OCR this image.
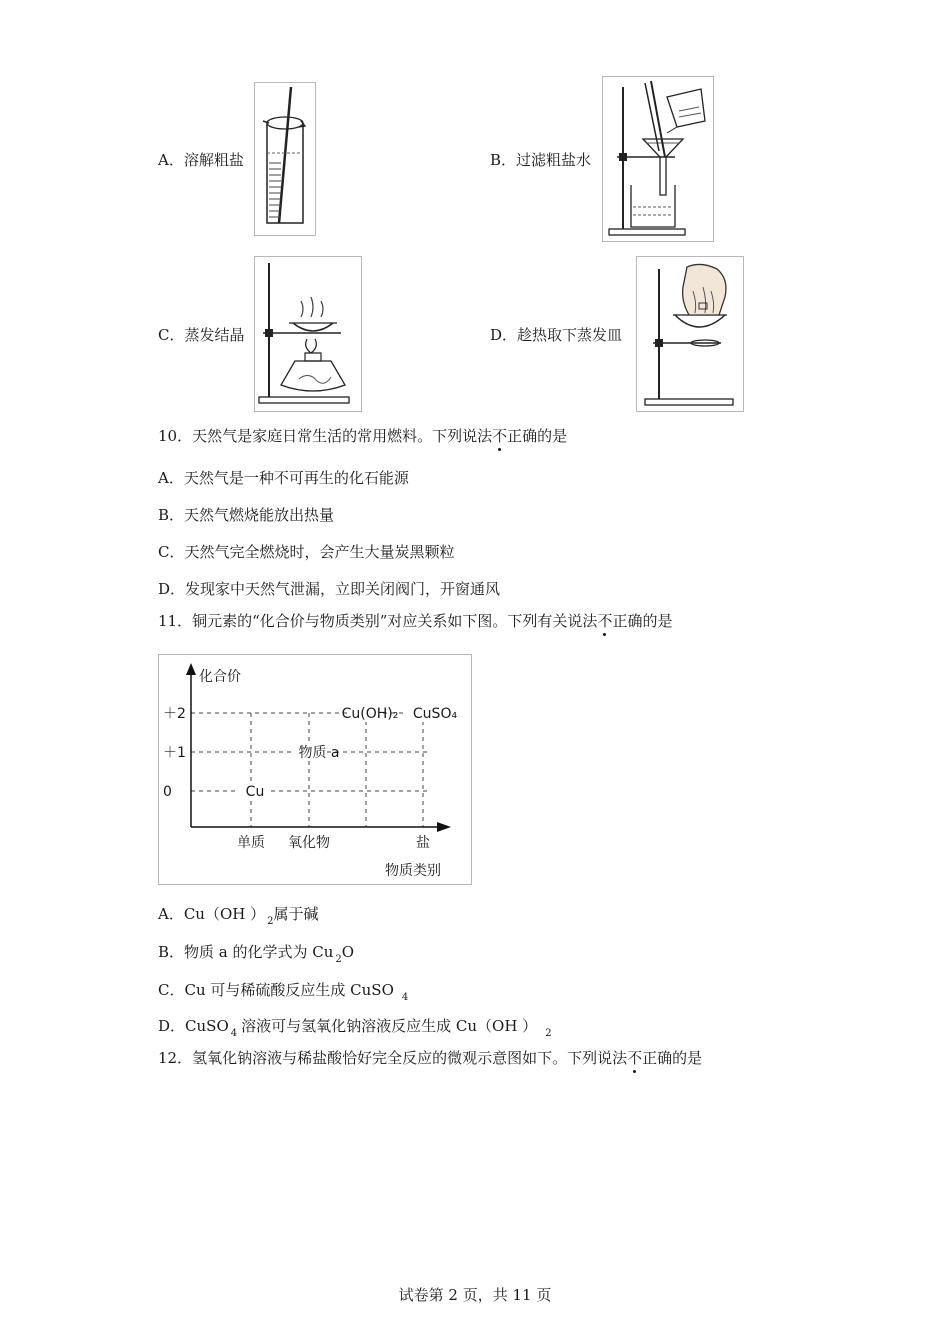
A．溶解粗盐	B．过滤粗盐水
C．蒸发结晶	D．趁热取下蒸发皿
10．天然气是家庭日常生活的常用燃料。下列说法不正确的是
A．天然气是一种不可再生的化石能源
B．天然气燃烧能放出热量
C．天然气完全燃烧时，会产生大量炭黑颗粒
D．发现家中天然气泄漏，立即关闭阀门，开窗通风
11．铜元素的“化合价与物质类别”对应关系如下图。下列有关说法不正确的是
化合价
物质类别
＋2
＋1
0
单质 氧化物	盐
Cu
物质 a
Cu(OH)₂ CuSO₄
A．Cu（OH ） $_2$属于碱
B．物质 a 的化学式为 Cu $_2$O
C．Cu 可与稀硫酸反应生成 CuSO $_4$
D．CuSO $_4$ 溶液可与氢氧化钠溶液反应生成 Cu（OH ） $_2$
12．氢氧化钠溶液与稀盐酸恰好完全反应的微观示意图如下。下列说法不正确的是
试卷第 2 页，共 11 页
